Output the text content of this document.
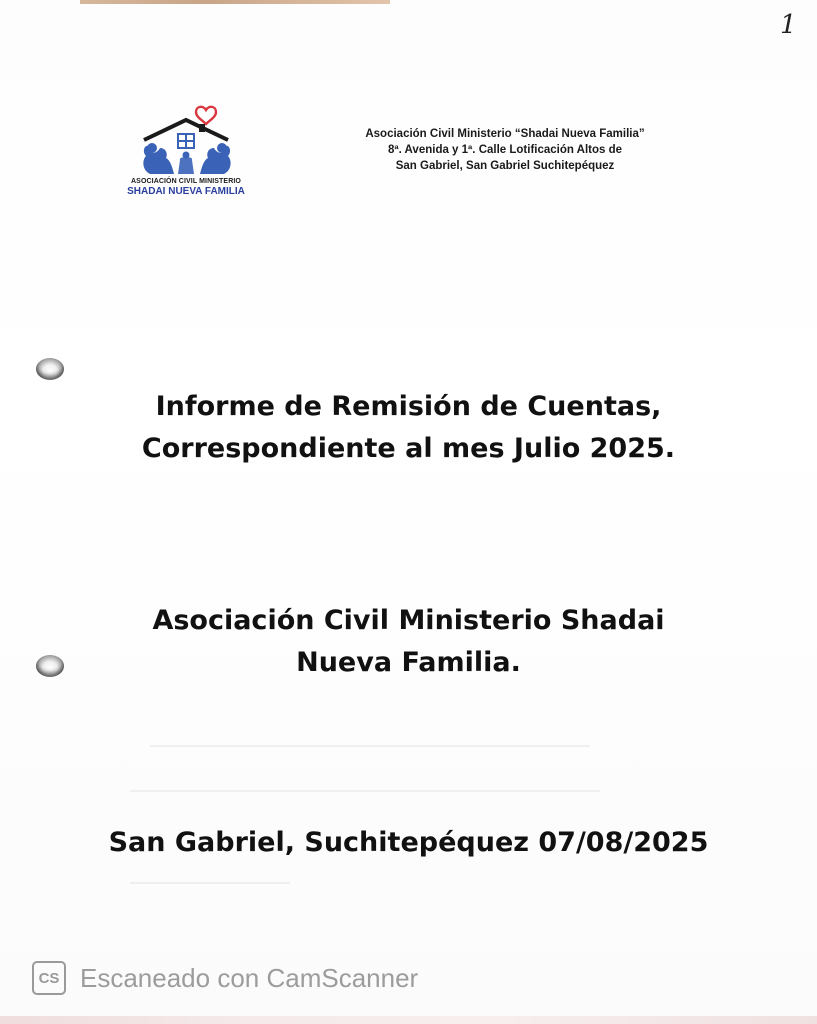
1
ASOCIACIÓN CIVIL MINISTERIO
SHADAI NUEVA FAMILIA
Asociación Civil Ministerio “Shadai Nueva Familia”
8ª. Avenida y 1ª. Calle Lotificación Altos de
San Gabriel, San Gabriel Suchitepéquez
Informe de Remisión de Cuentas,
Correspondiente al mes Julio 2025.
Asociación Civil Ministerio Shadai
Nueva Familia.
San Gabriel, Suchitepéquez 07/08/2025
CS Escaneado con CamScanner
